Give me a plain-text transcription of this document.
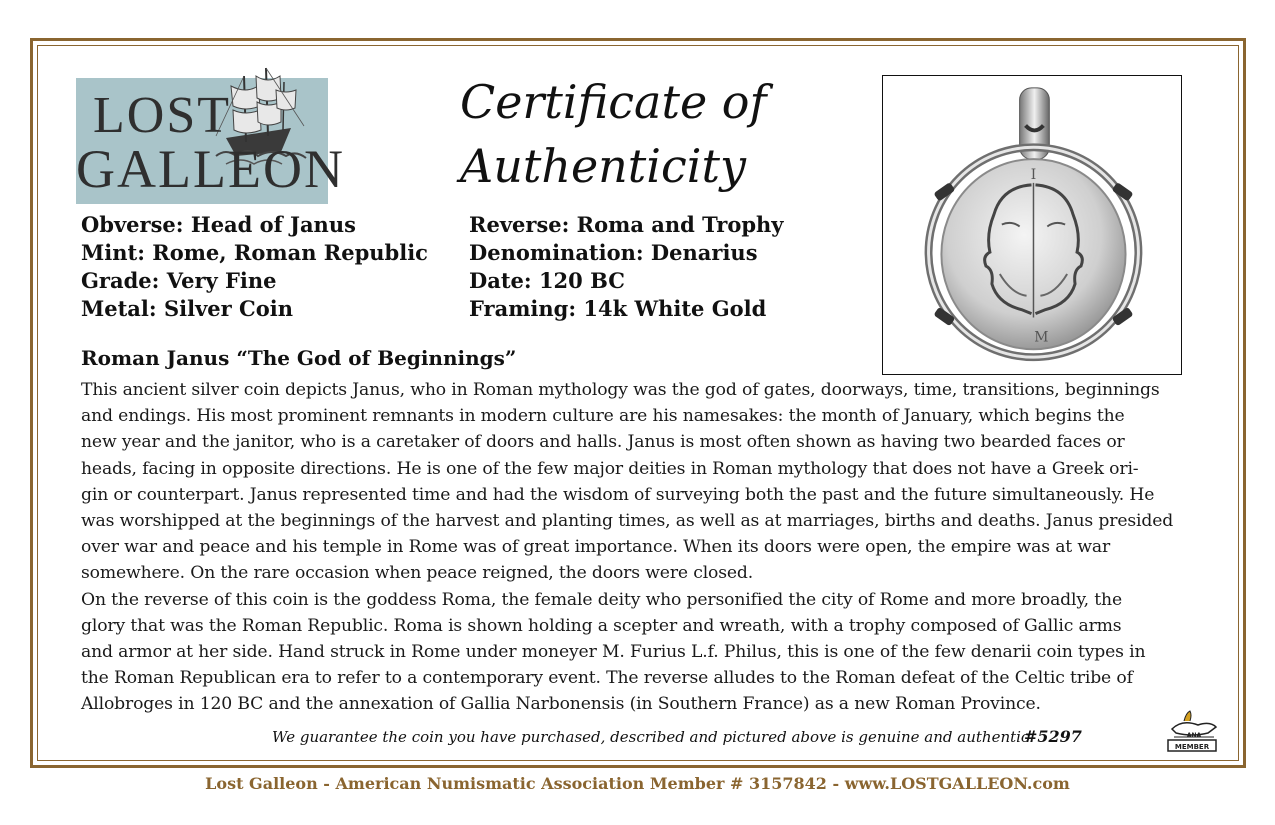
LOST
GALLEON
Certificate of
Authenticity	I
M
Obverse: Head of Janus
Mint: Rome, Roman Republic
Grade: Very Fine
Metal: Silver Coin
Reverse: Roma and Trophy
Denomination: Denarius
Date: 120 BC
Framing: 14k White Gold
Roman Janus “The God of Beginnings”
This ancient silver coin depicts Janus, who in Roman mythology was the god of gates, doorways, time, transitions, beginnings
and endings. His most prominent remnants in modern culture are his namesakes: the month of January, which begins the
new year and the janitor, who is a caretaker of doors and halls. Janus is most often shown as having two bearded faces or
heads, facing in opposite directions. He is one of the few major deities in Roman mythology that does not have a Greek ori-
gin or counterpart. Janus represented time and had the wisdom of surveying both the past and the future simultaneously. He
was worshipped at the beginnings of the harvest and planting times, as well as at marriages, births and deaths. Janus presided
over war and peace and his temple in Rome was of great importance. When its doors were open, the empire was at war
somewhere. On the rare occasion when peace reigned, the doors were closed.
On the reverse of this coin is the goddess Roma, the female deity who personified the city of Rome and more broadly, the
glory that was the Roman Republic. Roma is shown holding a scepter and wreath, with a trophy composed of Gallic arms
and armor at her side. Hand struck in Rome under moneyer M. Furius L.f. Philus, this is one of the few denarii coin types in
the Roman Republican era to refer to a contemporary event. The reverse alludes to the Roman defeat of the Celtic tribe of
Allobroges in 120 BC and the annexation of Gallia Narbonensis (in Southern France) as a new Roman Province.
We guarantee the coin you have purchased, described and pictured above is genuine and authentic.
#5297	ANA
MEMBER
Lost Galleon - American Numismatic Association Member # 3157842 - www.LOSTGALLEON.com
